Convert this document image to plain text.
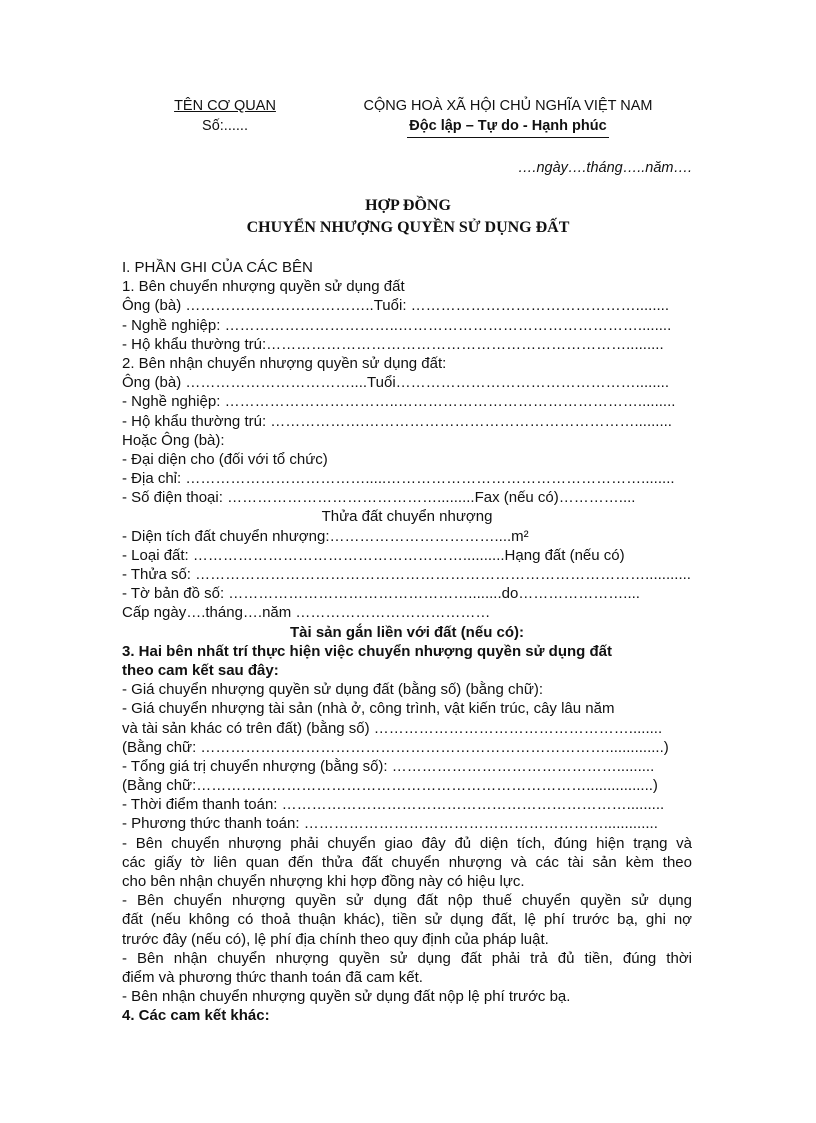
TÊN CƠ QUAN
Số:......
CỘNG HOÀ XÃ HỘI CHỦ NGHĨA VIỆT NAM
Độc lập – Tự do - Hạnh phúc
….ngày….tháng…..năm….
HỢP ĐỒNG
CHUYỂN NHƯỢNG QUYỀN SỬ DỤNG ĐẤT
I. PHẦN GHI CỦA CÁC BÊN
1. Bên chuyển nhượng quyền sử dụng đất
Ông (bà) ………………………………..Tuổi: ………………………………………........
- Nghề nghiệp: ……………………………..…………………………………………........
- Hộ khẩu thường trú:……………………………………………………………….........
2. Bên nhận chuyển nhượng quyền sử dụng đất:
Ông (bà) ……………………………....Tuổi…………………………………………........
- Nghề nghiệp: ……………………………..………………………………………….........
- Hộ khẩu thường trú: ……………….……………………………………………….........
Hoặc Ông (bà):
- Đại diện cho (đối với tổ chức)
- Địa chỉ: ……………………………….....……………………………………………........
- Số điện thoại: …………………………………….........Fax (nếu có)…………....
Thửa đất chuyển nhượng
- Diện tích đất chuyển nhượng:……………………………....m²
- Loại đất: ………………………………………………..........Hạng đất (nếu có)
- Thửa số: ………………………………………………………………………………...........
- Tờ bản đồ số: …………………………………………........do…………………....
Cấp ngày….tháng….năm …………………………………
Tài sản gắn liền với đất (nếu có):
3. Hai bên nhất trí thực hiện việc chuyển nhượng quyền sử dụng đất
theo cam kết sau đây:
- Giá chuyển nhượng quyền sử dụng đất (bằng số) (bằng chữ):
- Giá chuyển nhượng tài sản (nhà ở, công trình, vật kiến trúc, cây lâu năm
và tài sản khác có trên đất) (bằng số) ……………………………………………........
(Bằng chữ: ………………………………………………………………………..............)
- Tổng giá trị chuyển nhượng (bằng số): ……………………………………….........
(Bằng chữ:……………………………………………………………………................)
- Thời điểm thanh toán: …………………………………………………………….........
- Phương thức thanh toán: …………………………………………………….............
- Bên chuyển nhượng phải chuyển giao đây đủ diện tích, đúng hiện trạng và
các giấy tờ liên quan đến thửa đất chuyển nhượng và các tài sản kèm theo
cho bên nhận chuyển nhượng khi hợp đồng này có hiệu lực.
- Bên chuyển nhượng quyền sử dụng đất nộp thuế chuyển quyền sử dụng
đất (nếu không có thoả thuận khác), tiền sử dụng đất, lệ phí trước bạ, ghi nợ
trước đây (nếu có), lệ phí địa chính theo quy định của pháp luật.
- Bên nhận chuyển nhượng quyền sử dụng đất phải trả đủ tiền, đúng thời
điểm và phương thức thanh toán đã cam kết.
- Bên nhận chuyển nhượng quyền sử dụng đất nộp lệ phí trước bạ.
4. Các cam kết khác:
